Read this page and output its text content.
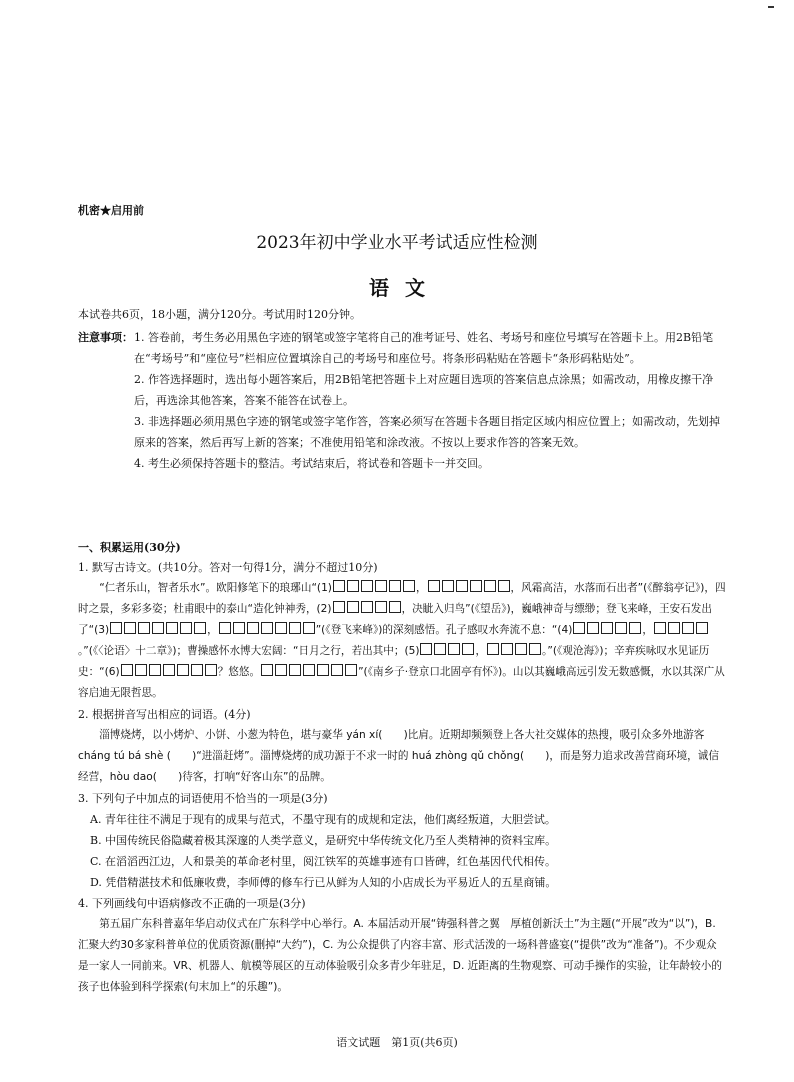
机密★启用前
2023年初中学业水平考试适应性检测
语文
本试卷共6页，18小题，满分120分。考试用时120分钟。
注意事项： 1. 答卷前，考生务必用黑色字迹的钢笔或签字笔将自己的准考证号、姓名、考场号和座位号填写在答题卡上。用2B铅笔在“考场号”和“座位号”栏相应位置填涂自己的考场号和座位号。将条形码粘贴在答题卡“条形码粘贴处”。

2. 作答选择题时，选出每小题答案后，用2B铅笔把答题卡上对应题目选项的答案信息点涂黑；如需改动，用橡皮擦干净后，再选涂其他答案，答案不能答在试卷上。

3. 非选择题必须用黑色字迹的钢笔或签字笔作答，答案必须写在答题卡各题目指定区域内相应位置上；如需改动，先划掉原来的答案，然后再写上新的答案；不准使用铅笔和涂改液。不按以上要求作答的答案无效。

4. 考生必须保持答题卡的整洁。考试结束后，将试卷和答题卡一并交回。

一、积累运用(30分)

1. 默写古诗文。(共10分。答对一句得1分，满分不超过10分)

“仁者乐山，智者乐水”。欧阳修笔下的琅琊山“(1)	，	，风霜高洁，水落而石出者”(《醉翁亭记》)，四时之景，多彩多姿；杜甫眼中的泰山“造化钟神秀，(2)	，决眦入归鸟”(《望岳》)，巍峨神奇与缥缈；登飞来峰，王安石发出了“(3)	，	”(《登飞来峰》)的深刻感悟。孔子感叹水奔流不息：“(4)	，。”(《〈论语〉十二章》)；曹操感怀水博大宏阔：“日月之行，若出其中；(5)	，	。”(《观沧海》)；辛弃疾咏叹水见证历史：“(6)	？悠悠。	”(《南乡子·登京口北固亭有怀》)。山以其巍峨高远引发无数感慨，水以其深广从容启迪无限哲思。

2. 根据拼音写出相应的词语。(4分)

淄博烧烤，以小烤炉、小饼、小葱为特色，堪与豪华 yán xí(　　)比肩。近期却频频登上各大社交媒体的热搜，吸引众多外地游客 cháng tú bá shè (　　)“进淄赶烤”。淄博烧烤的成功源于不求一时的 huá zhòng qǔ chǒng(　　)，而是努力追求改善营商环境，诚信经营，hòu dao(　　)待客，打响“好客山东”的品牌。

3. 下列句子中加点的词语使用不恰当的一项是(3分)

A. 青年往往不满足于现有的成果与范式，不墨守现有的成规和定法，他们离经叛道，大胆尝试。

B. 中国传统民俗隐藏着极其深邃的人类学意义，是研究中华传统文化乃至人类精神的资料宝库。

C. 在滔滔西江边，人和景美的革命老村里，阅江铁军的英雄事迹有口皆碑，红色基因代代相传。

D. 凭借精湛技术和低廉收费，李师傅的修车行已从鲜为人知的小店成长为平易近人的五星商铺。

4. 下列画线句中语病修改不正确的一项是(3分)

第五届广东科普嘉年华启动仪式在广东科学中心举行。A. 本届活动开展“铸强科普之翼　厚植创新沃土”为主题(“开展”改为“以”)，B. 汇聚大约30多家科普单位的优质资源(删掉“大约”)，C. 为公众提供了内容丰富、形式活泼的一场科普盛宴(“提供”改为“准备”)。不少观众是一家人一同前来。VR、机器人、航模等展区的互动体验吸引众多青少年驻足，D. 近距离的生物观察、可动手操作的实验，让年龄较小的孩子也体验到科学探索(句末加上“的乐趣”)。

语文试题　第1页(共6页)
